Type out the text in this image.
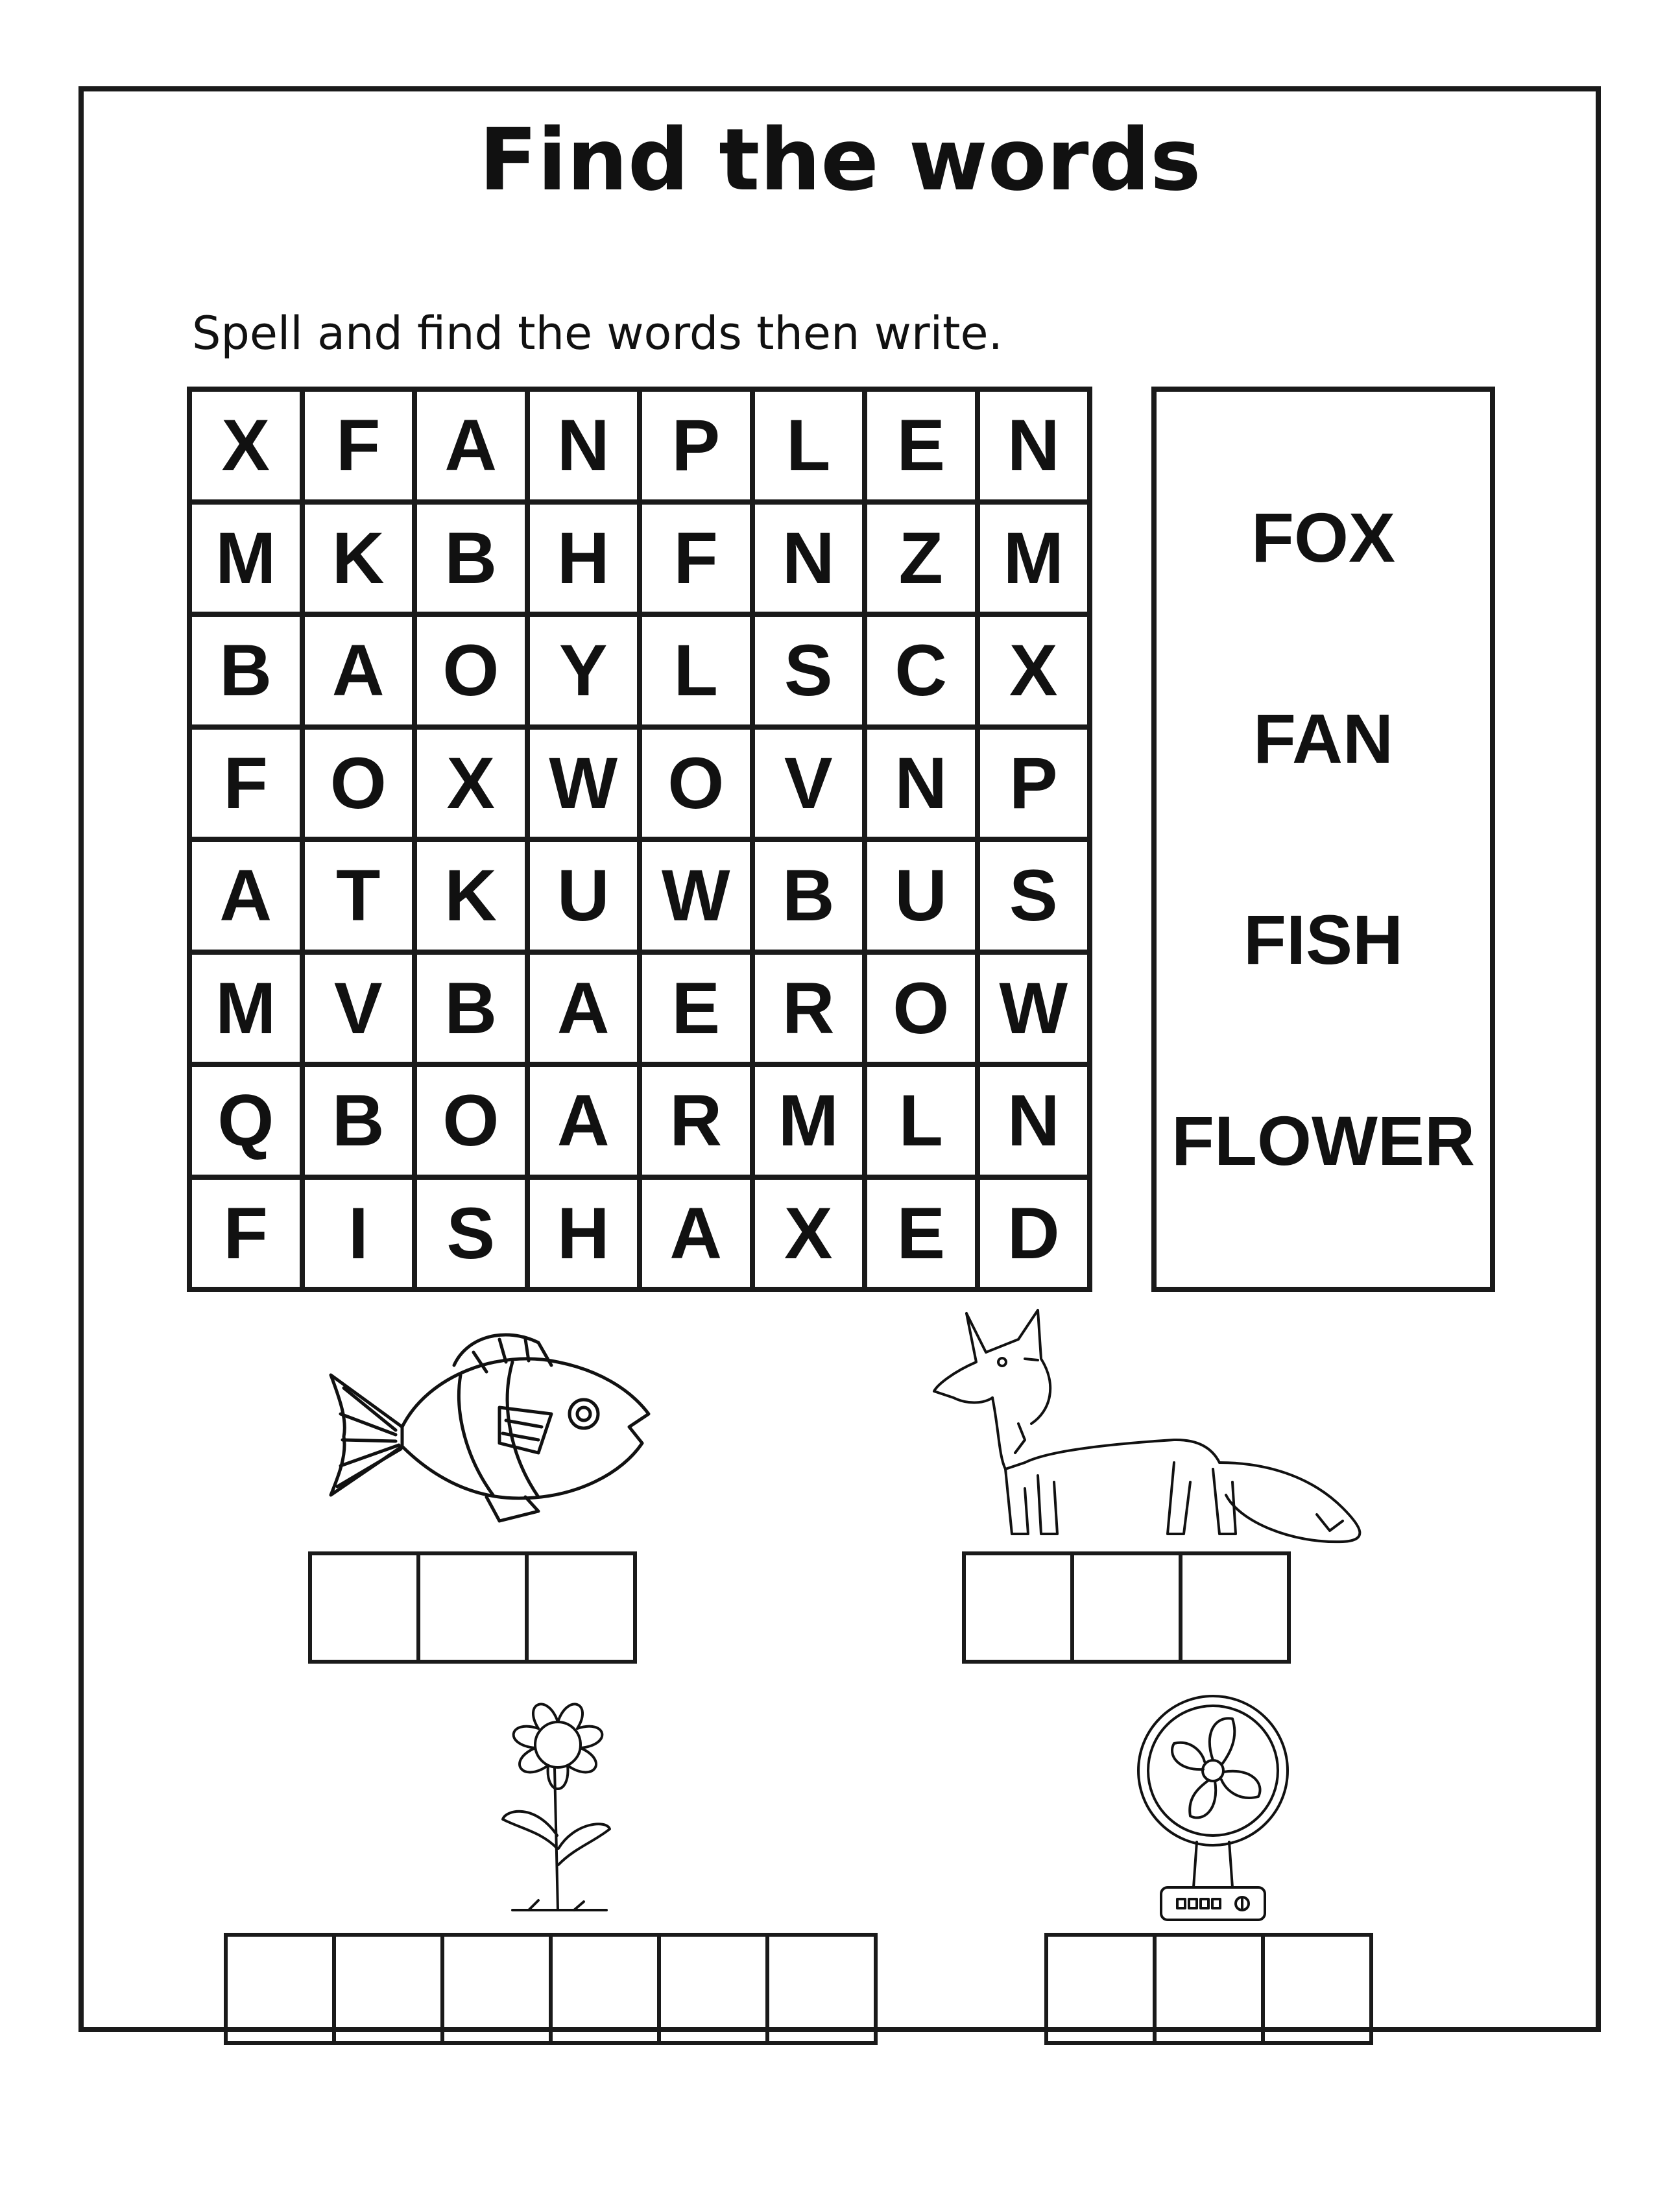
Find the words
Spell and find the words then write.
X F A N P L E N
M K B H F N Z M
B A O Y L S C X
F O X W O V N P
A T K U W B U S
M V B A E R O W
Q B O A R M L N
F	I	S H A X E D
FOX
FAN
FISH
FLOWER
